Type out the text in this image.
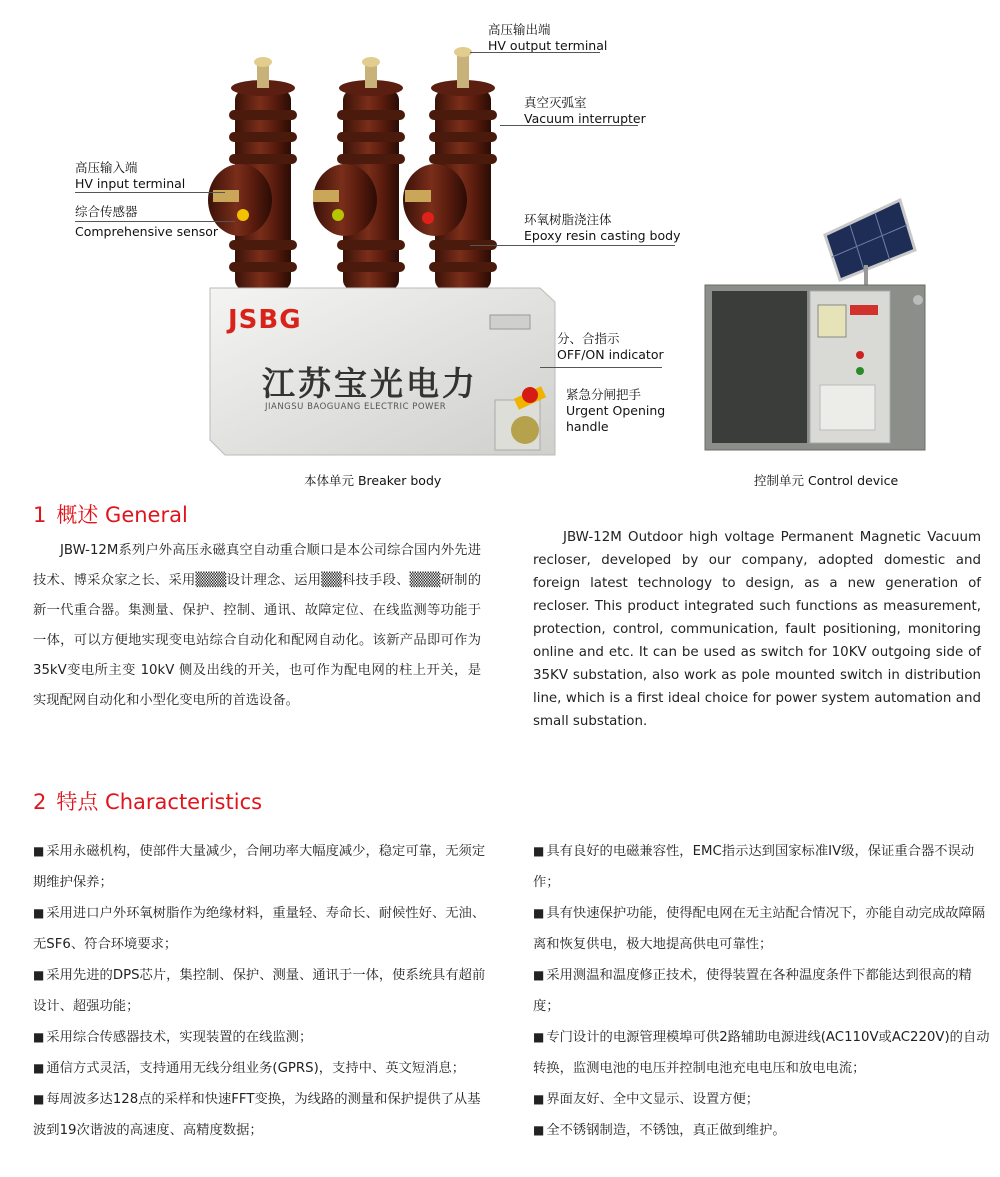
JSBG
江苏宝光电力
JIANGSU BAOGUANG ELECTRIC POWER
高压输出端
HV output terminal
真空灭弧室
Vacuum interrupter
高压输入端
HV input terminal
综合传感器
Comprehensive sensor
环氧树脂浇注体
Epoxy resin casting body
分、合指示
OFF/ON indicator
紧急分闸把手
Urgent Opening
handle
本体单元 Breaker body	控制单元 Control device
1 概述 General
JBW-12M系列户外高压永磁真空自动重合顺口是本公司综合国内外先进技术、博采众家之长、采用▒▒▒设计理念、运用▒▒科技手段、▒▒▒研制的新一代重合器。集测量、保护、控制、通讯、故障定位、在线监测等功能于一体，可以方便地实现变电站综合自动化和配网自动化。该新产品即可作为35kV变电所主变 10kV 侧及出线的开关，也可作为配电网的柱上开关，是实现配网自动化和小型化变电所的首选设备。
JBW-12M Outdoor high voltage Permanent Magnetic Vacuum recloser, developed by our company, adopted domestic and foreign latest technology to design, as a new generation of recloser. This product integrated such functions as measurement, protection, control, communication, fault positioning, monitoring online and etc. It can be used as switch for 10KV outgoing side of 35KV substation, also work as pole mounted switch in distribution line, which is a first ideal choice for power system automation and small substation.
2 特点 Characteristics
■ 采用永磁机构，使部件大量减少，合闸功率大幅度减少，稳定可靠，无须定期维护保养；
■ 采用进口户外环氧树脂作为绝缘材料，重量轻、寿命长、耐候性好、无油、无SF6、符合环境要求；
■ 采用先进的DPS芯片，集控制、保护、测量、通讯于一体，使系统具有超前设计、超强功能；
■ 采用综合传感器技术，实现装置的在线监测；
■ 通信方式灵活，支持通用无线分组业务(GPRS)，支持中、英文短消息；
■ 每周波多达128点的采样和快速FFT变换，为线路的测量和保护提供了从基波到19次谐波的高速度、高精度数据；
■ 具有良好的电磁兼容性，EMC指示达到国家标准IV级，保证重合器不误动作；
■ 具有快速保护功能，使得配电网在无主站配合情况下，亦能自动完成故障隔离和恢复供电，极大地提高供电可靠性；
■ 采用测温和温度修正技术，使得装置在各种温度条件下都能达到很高的精度；
■ 专门设计的电源管理模埠可供2路辅助电源进线(AC110V或AC220V)的自动转换，监测电池的电压并控制电池充电电压和放电电流；
■ 界面友好、全中文显示、设置方便；
■ 全不锈钢制造，不锈蚀，真正做到维护。
